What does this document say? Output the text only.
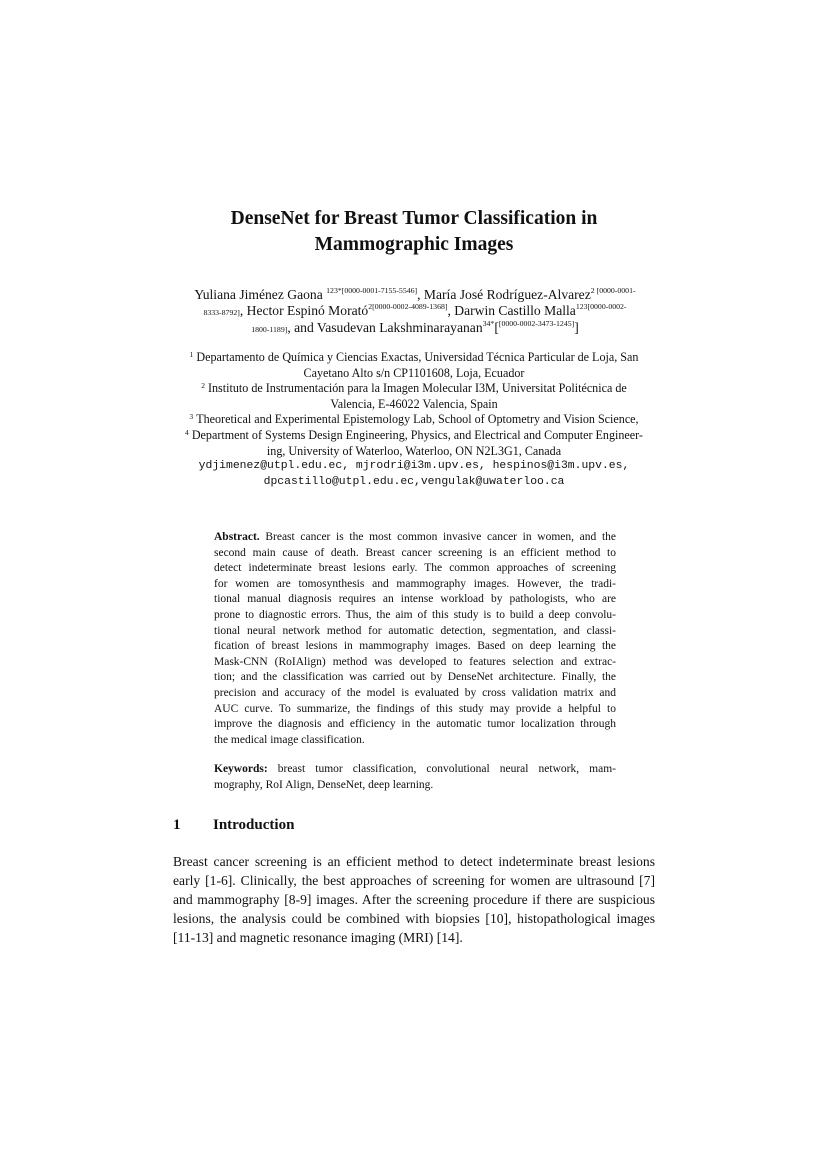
DenseNet for Breast Tumor Classification in
Mammographic Images
Yuliana Jiménez Gaona $^{123*[0000-0001-7155-5546]}$, María José Rodríguez-Alvarez$^{2 [0000-0001-}$
8333-8792], Hector Espinó Morató$^{2[0000-0002-4089-1368]}$, Darwin Castillo Malla$^{123[0000-0002-}$
1800-1189], and Vasudevan Lakshminarayanan$^{34*}$[[0000-0002-3473-1245]]
$^1$ Departamento de Química y Ciencias Exactas, Universidad Técnica Particular de Loja, San
Cayetano Alto s/n CP1101608, Loja, Ecuador
$^2$ Instituto de Instrumentación para la Imagen Molecular I3M, Universitat Politécnica de
Valencia, E-46022 Valencia, Spain
$^3$ Theoretical and Experimental Epistemology Lab, School of Optometry and Vision Science,
$^4$ Department of Systems Design Engineering, Physics, and Electrical and Computer Engineer-
ing, University of Waterloo, Waterloo, ON N2L3G1, Canada
ydjimenez@utpl.edu.ec, mjrodri@i3m.upv.es, hespinos@i3m.upv.es,
dpcastillo@utpl.edu.ec,vengulak@uwaterloo.ca
Abstract. Breast cancer is the most common invasive cancer in women, and the
second main cause of death. Breast cancer screening is an efficient method to
detect indeterminate breast lesions early. The common approaches of screening
for women are tomosynthesis and mammography images. However, the tradi-
tional manual diagnosis requires an intense workload by pathologists, who are
prone to diagnostic errors. Thus, the aim of this study is to build a deep convolu-
tional neural network method for automatic detection, segmentation, and classi-
fication of breast lesions in mammography images. Based on deep learning the
Mask-CNN (RoIAlign) method was developed to features selection and extrac-
tion; and the classification was carried out by DenseNet architecture. Finally, the
precision and accuracy of the model is evaluated by cross validation matrix and
AUC curve. To summarize, the findings of this study may provide a helpful to
improve the diagnosis and efficiency in the automatic tumor localization through
the medical image classification.
Keywords: breast tumor classification, convolutional neural network, mam-
mography, RoI Align, DenseNet, deep learning.
1 Introduction
Breast cancer screening is an efficient method to detect indeterminate breast lesions
early [1-6]. Clinically, the best approaches of screening for women are ultrasound [7]
and mammography [8-9] images. After the screening procedure if there are suspicious
lesions, the analysis could be combined with biopsies [10], histopathological images
[11-13] and magnetic resonance imaging (MRI) [14].
